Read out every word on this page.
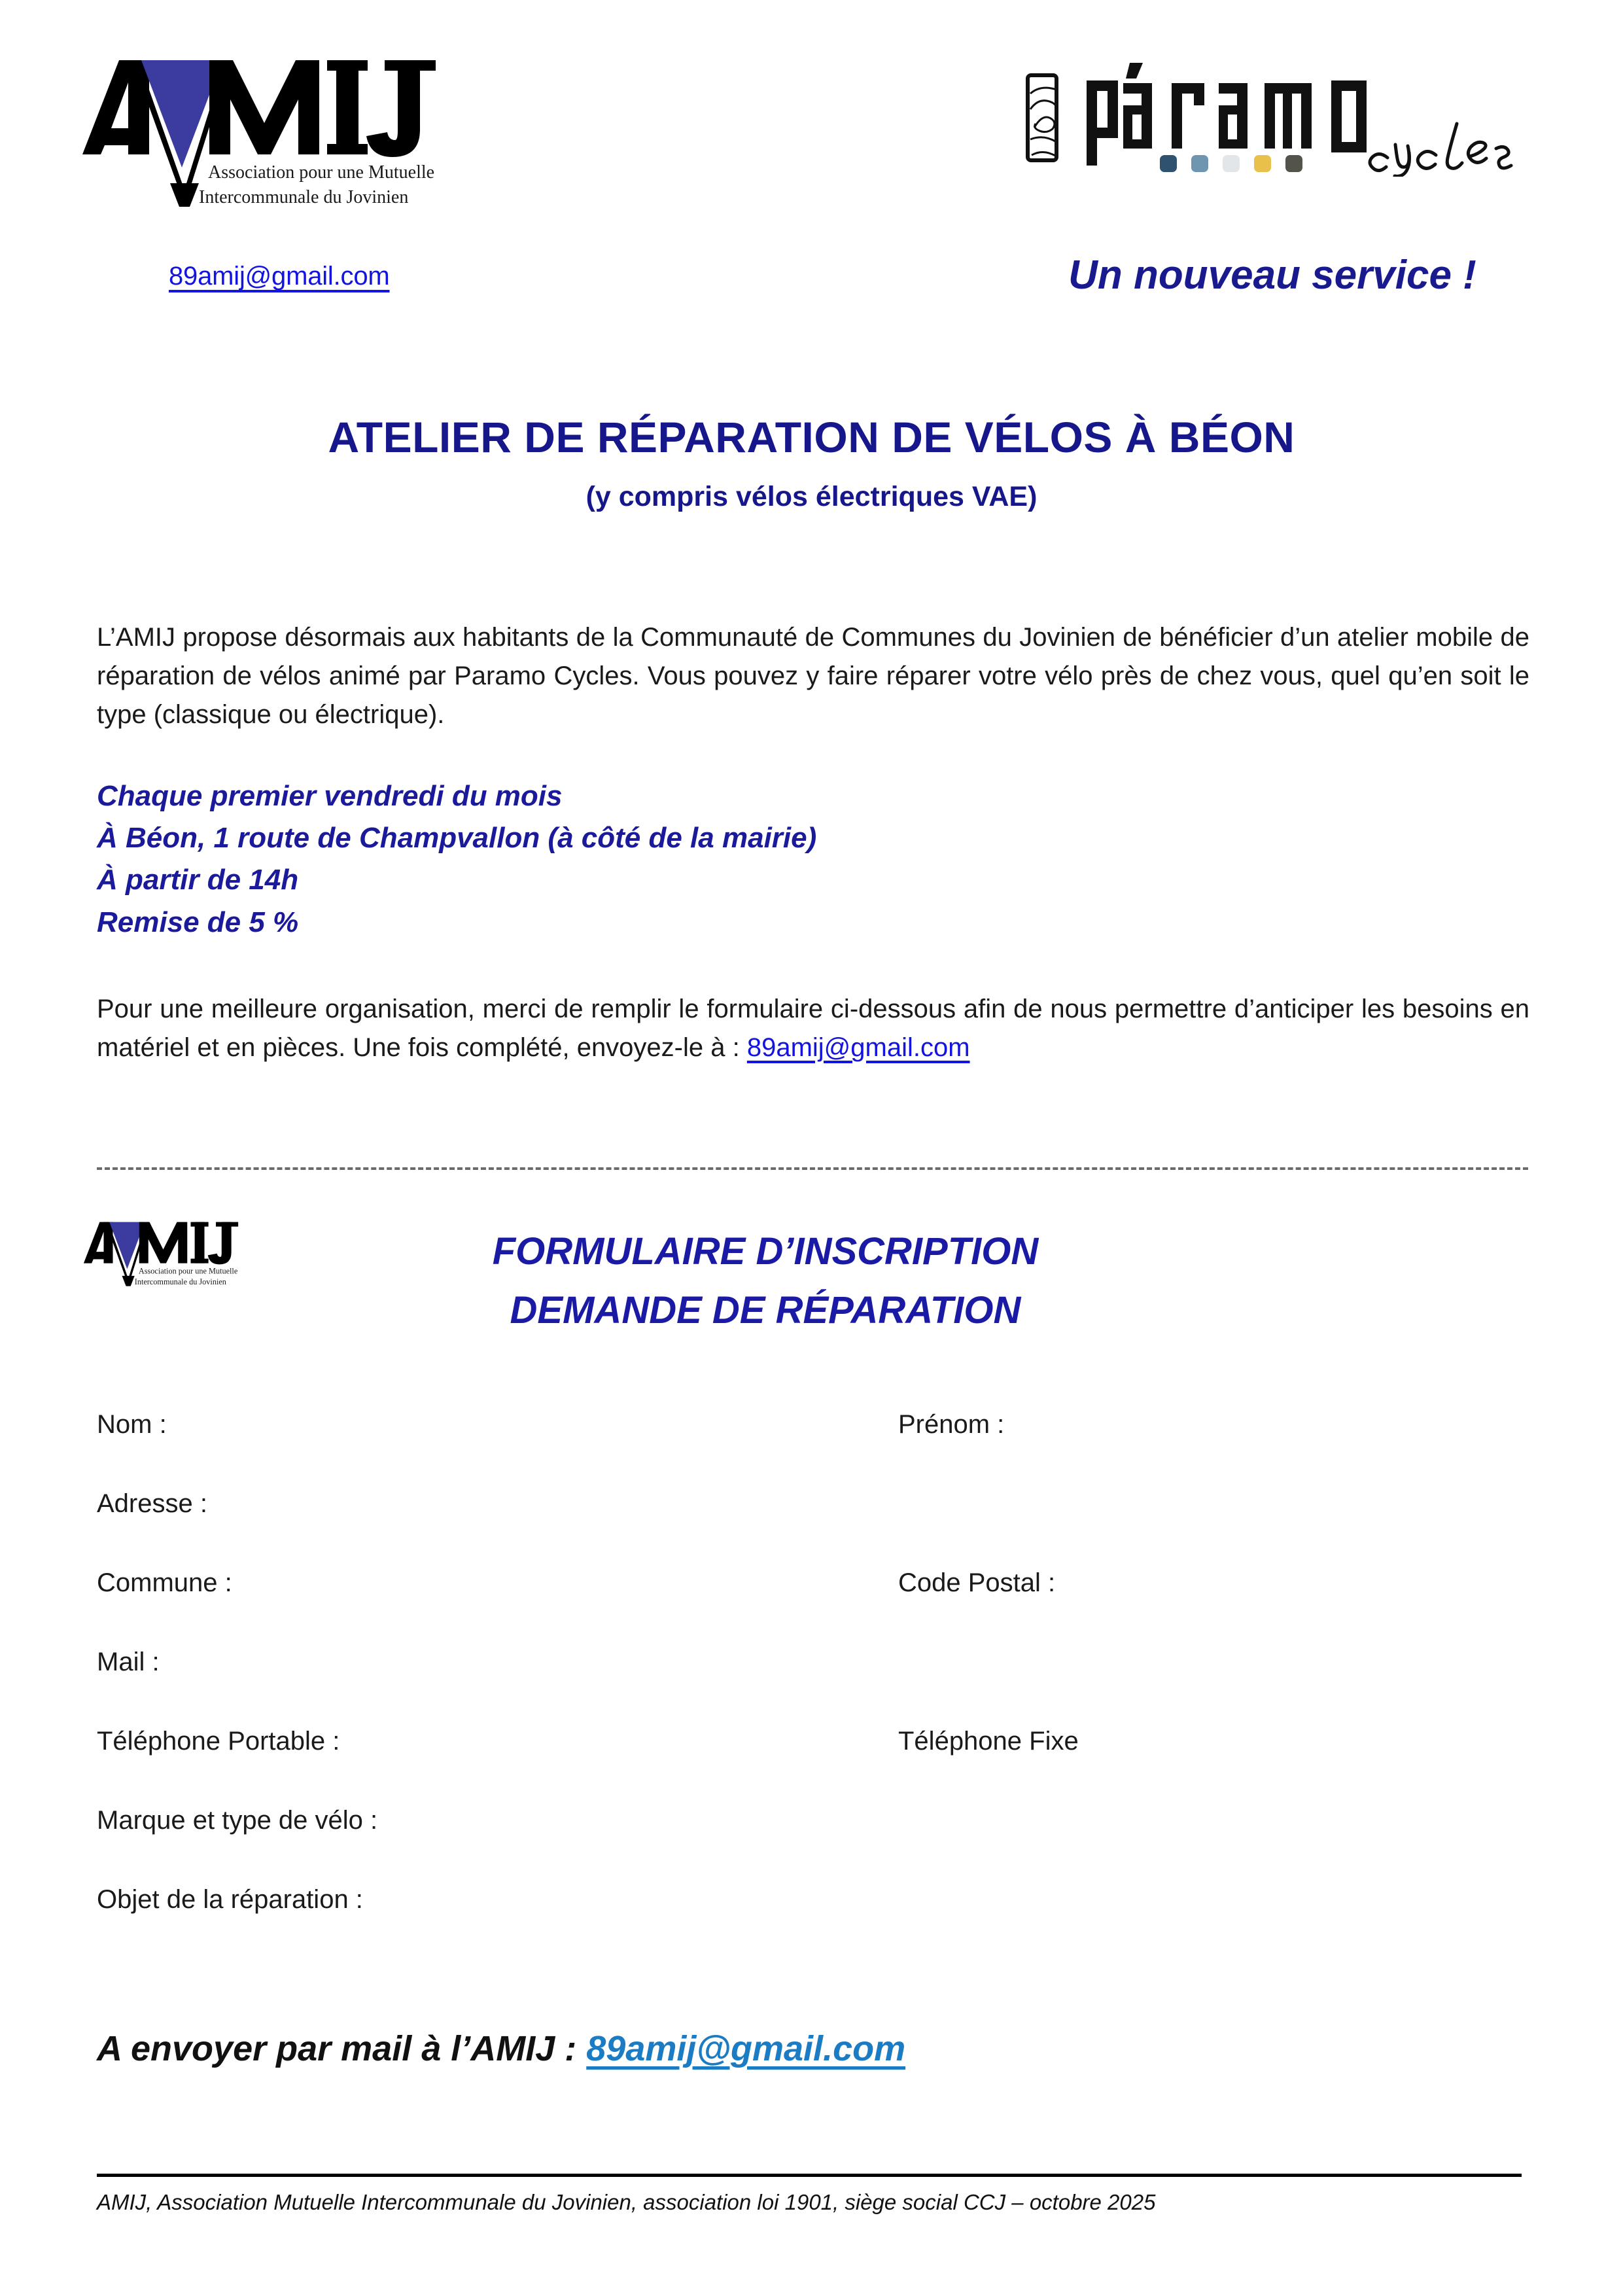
Association pour une Mutuelle
Intercommunale du Jovinien
89amij@gmail.com	Un nouveau service !
ATELIER DE RÉPARATION DE VÉLOS À BÉON
(y compris vélos électriques VAE)
L’AMIJ propose désormais aux habitants de la Communauté de Communes du Jovinien de bénéficier d’un atelier mobile de réparation de vélos animé par Paramo Cycles. Vous pouvez y faire réparer votre vélo près de chez vous, quel qu’en soit le type (classique ou électrique).
Chaque premier vendredi du mois
À Béon, 1 route de Champvallon (à côté de la mairie)
À partir de 14h
Remise de 5 %
Pour une meilleure organisation, merci de remplir le formulaire ci-dessous afin de nous permettre d’anticiper les besoins en matériel et en pièces. Une fois complété, envoyez-le à : 89amij@gmail.com
Association pour une Mutuelle
Intercommunale du Jovinien
FORMULAIRE D’INSCRIPTION
DEMANDE DE RÉPARATION
Nom :	Prénom :
Adresse :
Commune :	Code Postal :
Mail :
Téléphone Portable :	Téléphone Fixe
Marque et type de vélo :
Objet de la réparation :
A envoyer par mail à l’AMIJ : 89amij@gmail.com
AMIJ, Association Mutuelle Intercommunale du Jovinien, association loi 1901, siège social CCJ – octobre 2025
